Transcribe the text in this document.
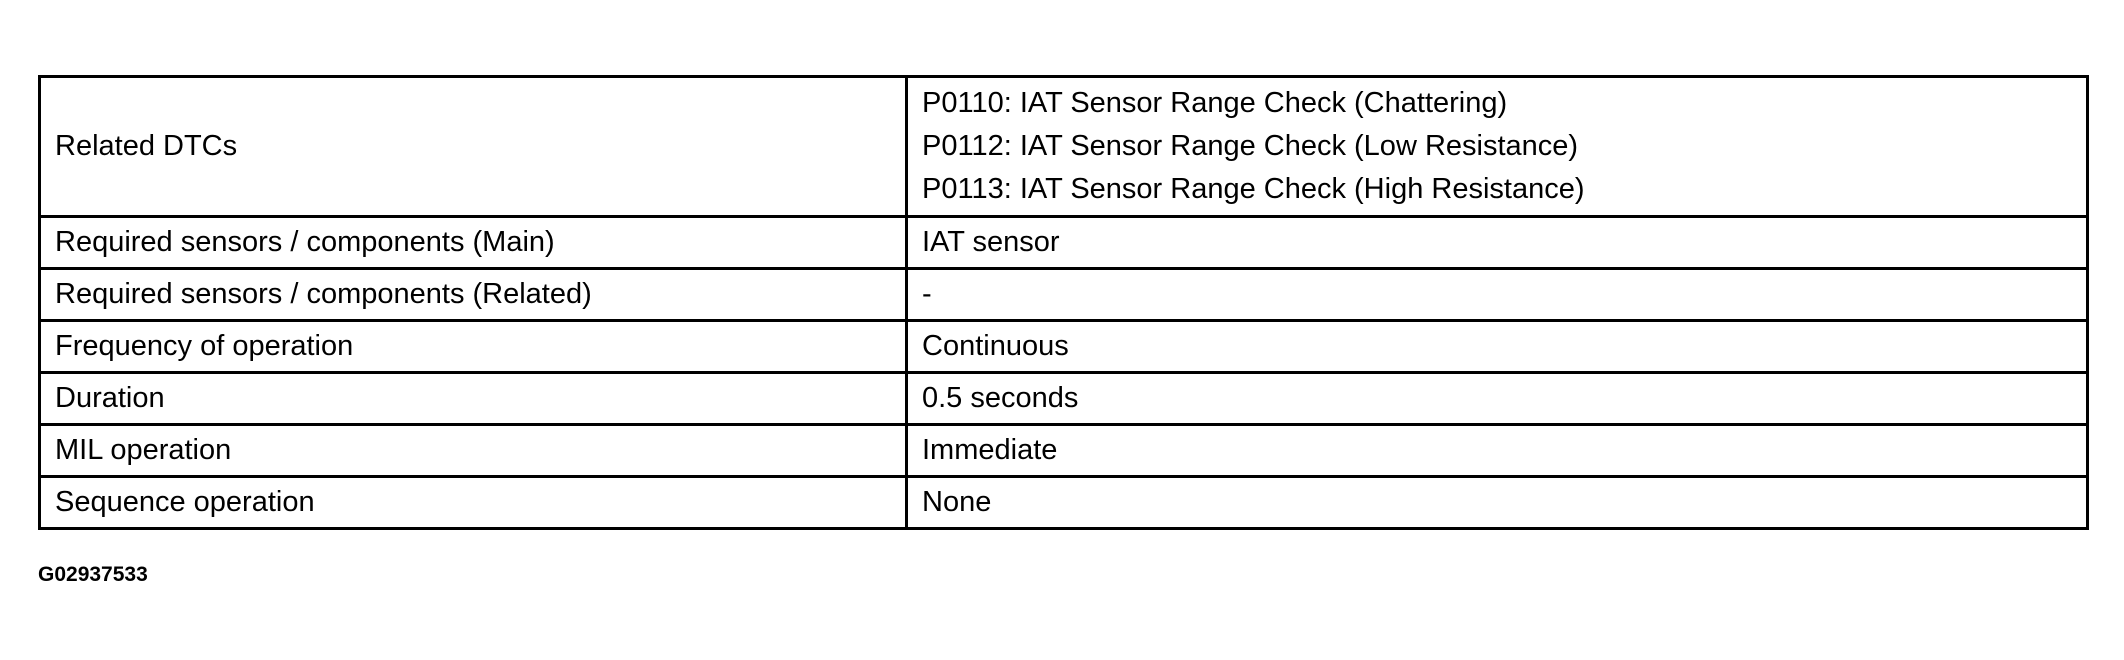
Related DTCs	P0110: IAT Sensor Range Check (Chattering)
P0112: IAT Sensor Range Check (Low Resistance)
P0113: IAT Sensor Range Check (High Resistance)

Required sensors / components (Main)	IAT sensor
Required sensors / components (Related)	-
Frequency of operation	Continuous
Duration	0.5 seconds
MIL operation	Immediate
Sequence operation	None
G02937533
